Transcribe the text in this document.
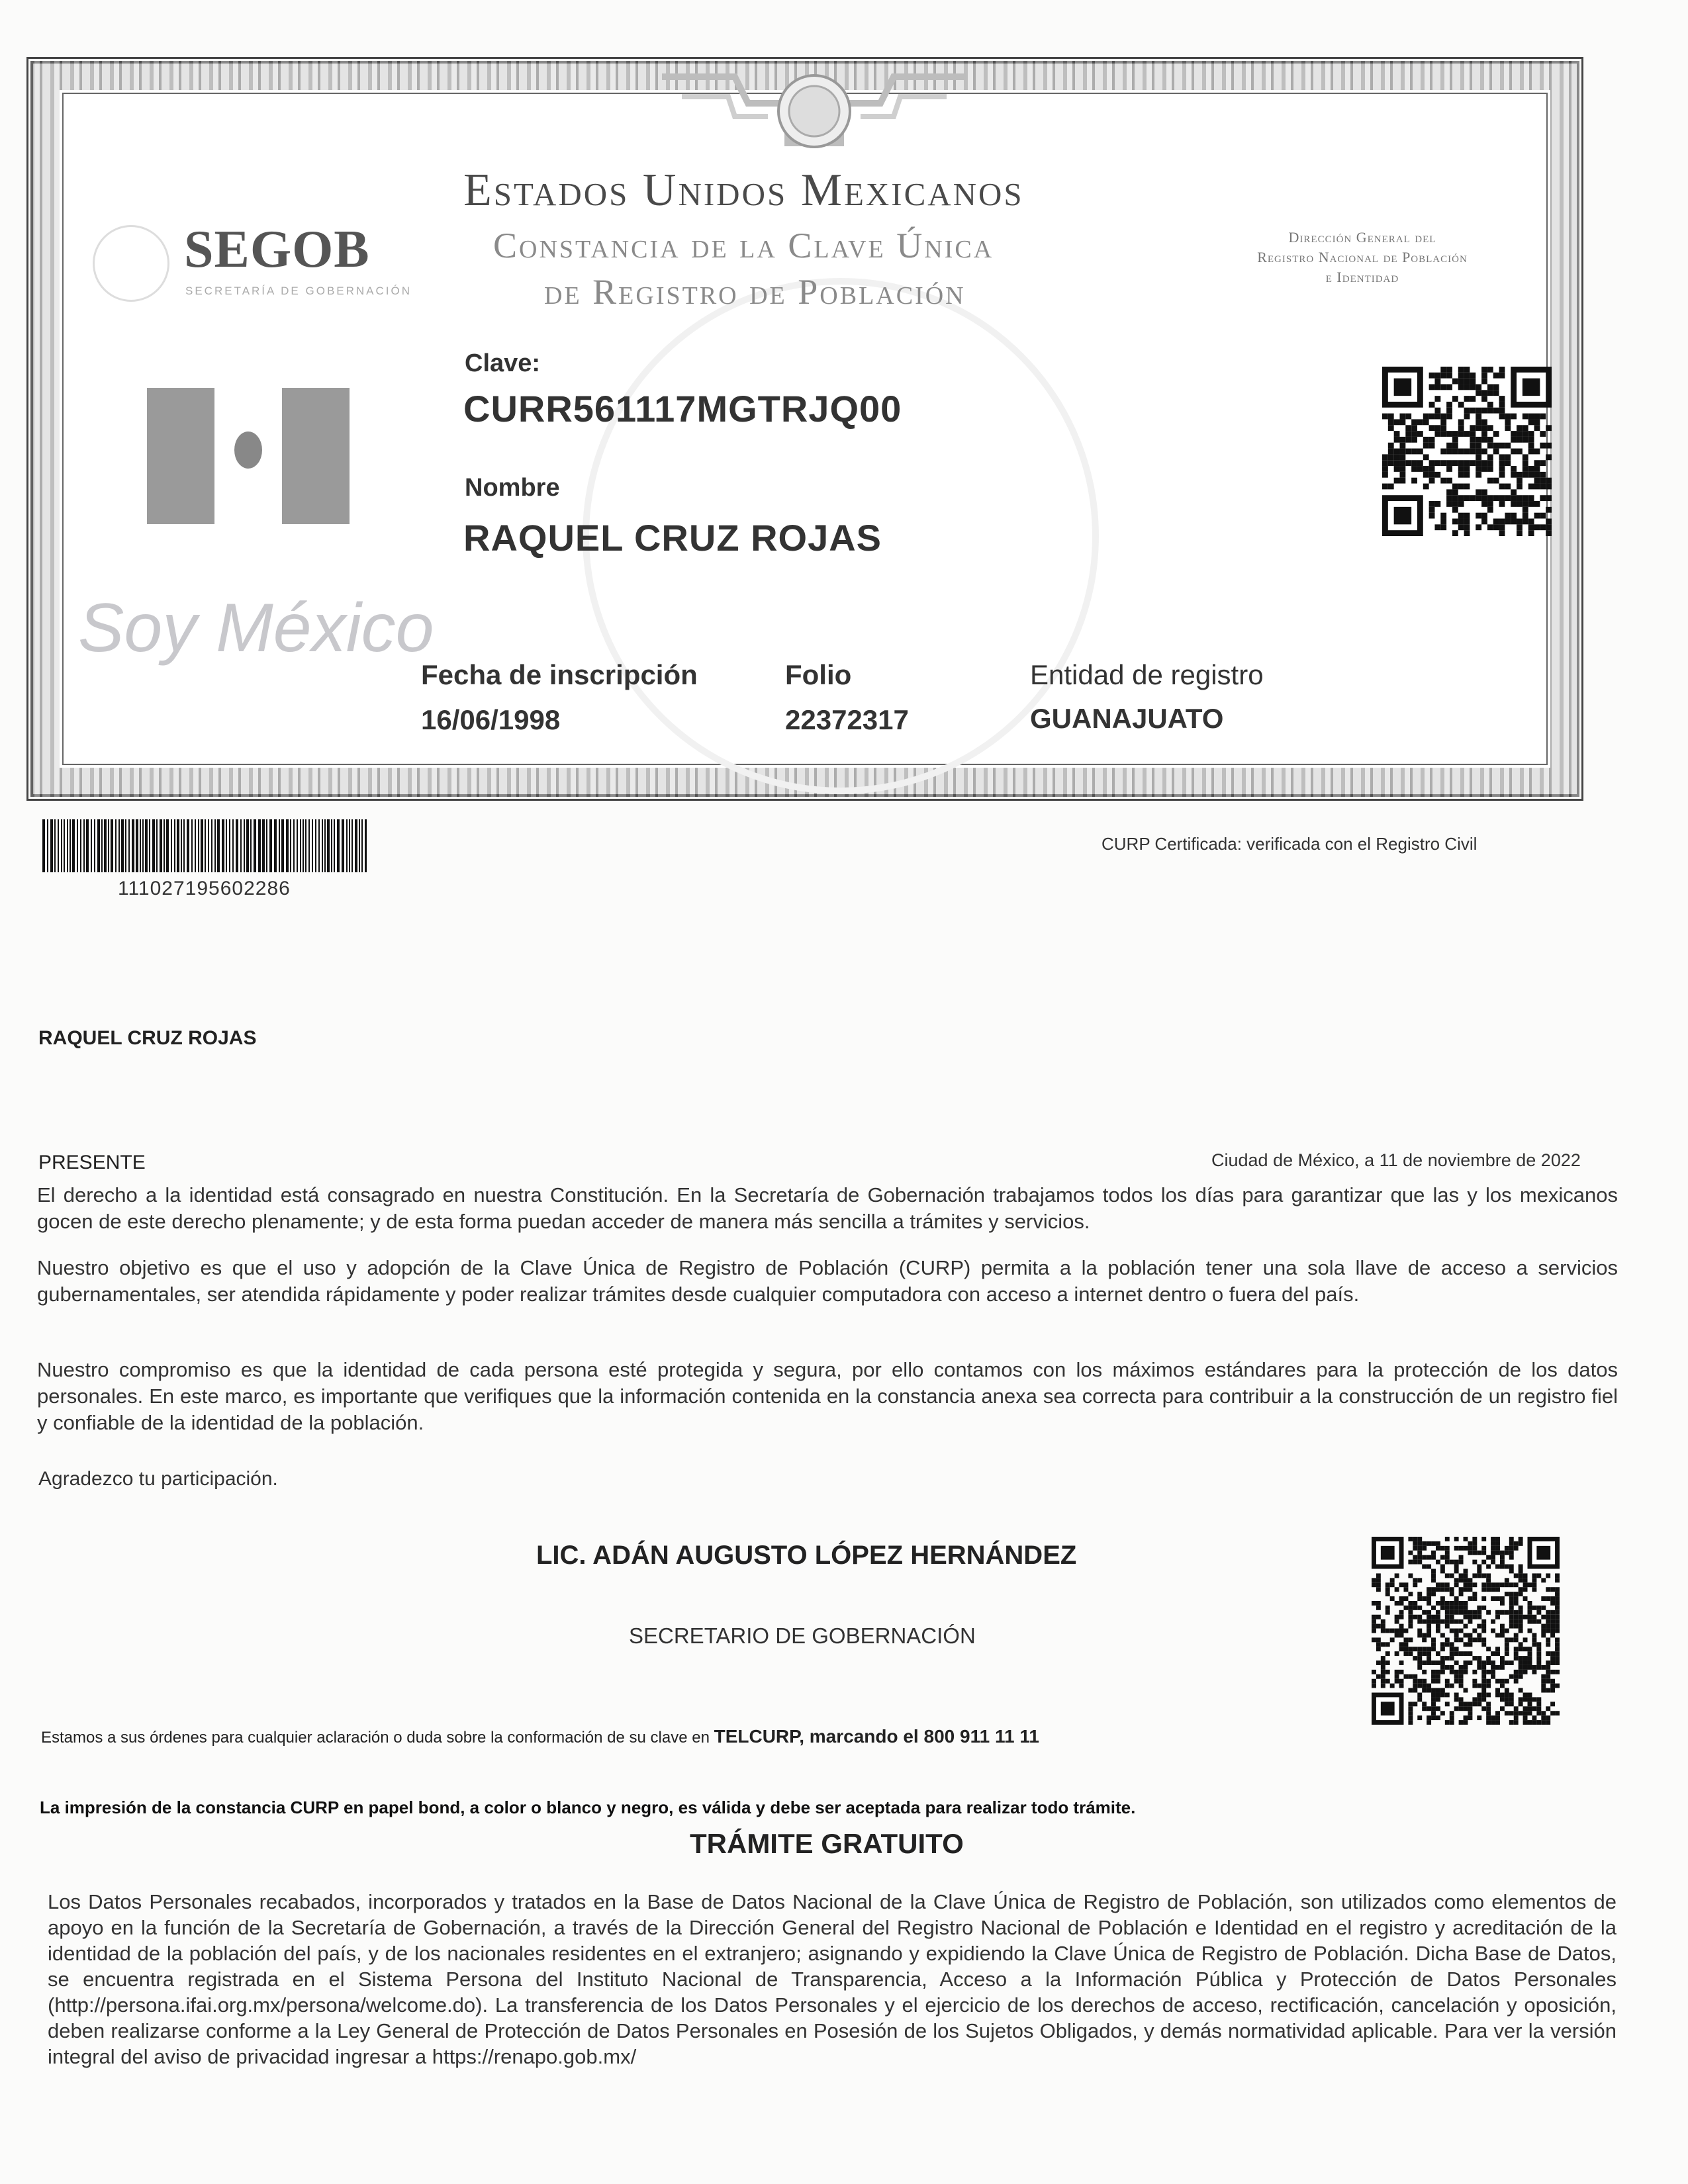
Estados Unidos Mexicanos
Constancia de la Clave Única
de Registro de Población
Dirección General del
Registro Nacional de Población
e Identidad
SEGOB
SECRETARÍA DE GOBERNACIÓN
Clave:
CURR561117MGTRJQ00
Nombre
RAQUEL CRUZ ROJAS
Soy México
Fecha de inscripción
16/06/1998
Folio
22372317
Entidad de registro
GUANAJUATO
111027195602286
CURP Certificada: verificada con el Registro Civil
RAQUEL CRUZ ROJAS
PRESENTE	Ciudad de México, a 11 de noviembre de 2022
El derecho a la identidad está consagrado en nuestra Constitución. En la Secretaría de Gobernación trabajamos todos los días para garantizar que las y los mexicanos gocen de este derecho plenamente; y de esta forma puedan acceder de manera más sencilla a trámites y servicios.
Nuestro objetivo es que el uso y adopción de la Clave Única de Registro de Población (CURP) permita a la población tener una sola llave de acceso a servicios gubernamentales, ser atendida rápidamente y poder realizar trámites desde cualquier computadora con acceso a internet dentro o fuera del país.
Nuestro compromiso es que la identidad de cada persona esté protegida y segura, por ello contamos con los máximos estándares para la protección de los datos personales. En este marco, es importante que verifiques que la información contenida en la constancia anexa sea correcta para contribuir a la construcción de un registro fiel y confiable de la identidad de la población.
Agradezco tu participación.
LIC. ADÁN AUGUSTO LÓPEZ HERNÁNDEZ
SECRETARIO DE GOBERNACIÓN
Estamos a sus órdenes para cualquier aclaración o duda sobre la conformación de su clave en TELCURP, marcando el 800 911 11 11
La impresión de la constancia CURP en papel bond, a color o blanco y negro, es válida y debe ser aceptada para realizar todo trámite.
TRÁMITE GRATUITO
Los Datos Personales recabados, incorporados y tratados en la Base de Datos Nacional de la Clave Única de Registro de Población, son utilizados como elementos de apoyo en la función de la Secretaría de Gobernación, a través de la Dirección General del Registro Nacional de Población e Identidad en el registro y acreditación de la identidad de la población del país, y de los nacionales residentes en el extranjero; asignando y expidiendo la Clave Única de Registro de Población. Dicha Base de Datos, se encuentra registrada en el Sistema Persona del Instituto Nacional de Transparencia, Acceso a la Información Pública y Protección de Datos Personales (http://persona.ifai.org.mx/persona/welcome.do). La transferencia de los Datos Personales y el ejercicio de los derechos de acceso, rectificación, cancelación y oposición, deben realizarse conforme a la Ley General de Protección de Datos Personales en Posesión de los Sujetos Obligados, y demás normatividad aplicable. Para ver la versión integral del aviso de privacidad ingresar a https://renapo.gob.mx/
